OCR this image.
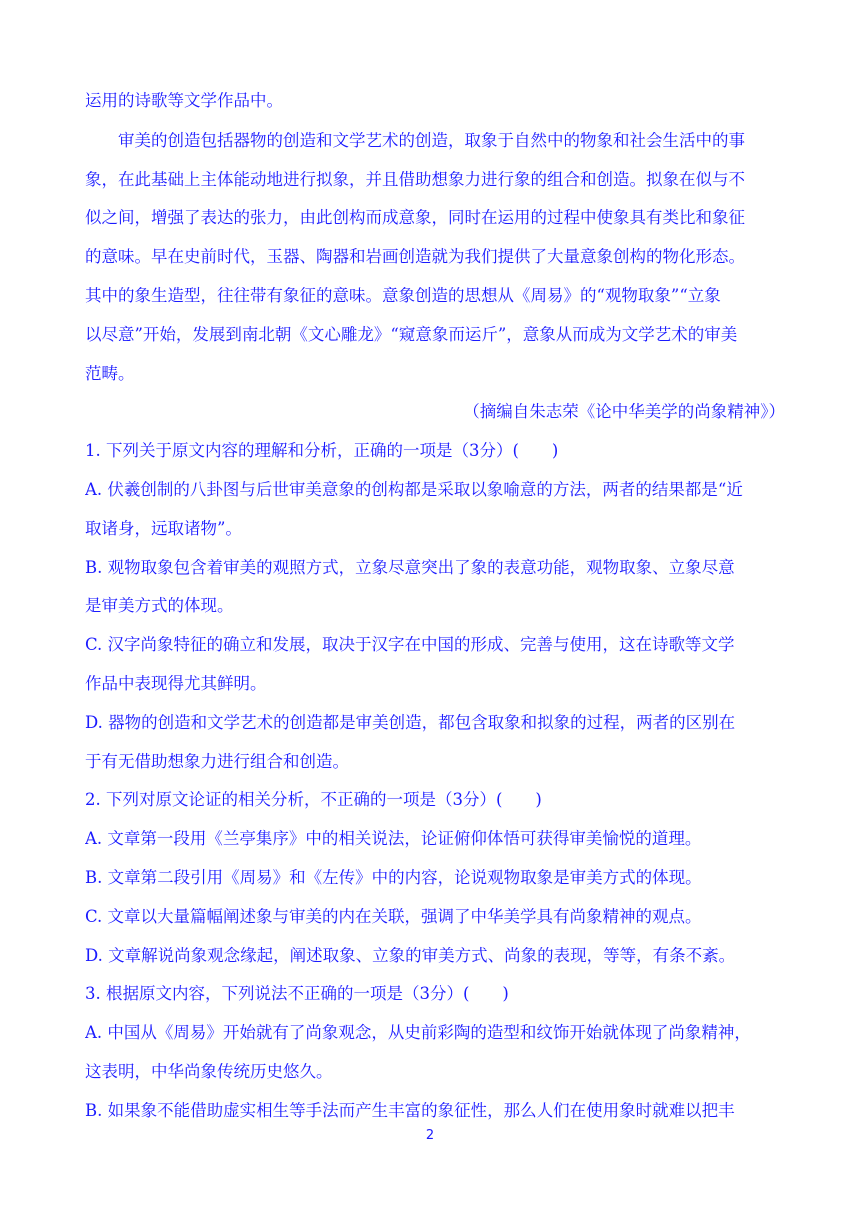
运用的诗歌等文学作品中。
审美的创造包括器物的创造和文学艺术的创造，取象于自然中的物象和社会生活中的事
象，在此基础上主体能动地进行拟象，并且借助想象力进行象的组合和创造。拟象在似与不
似之间，增强了表达的张力，由此创构而成意象，同时在运用的过程中使象具有类比和象征
的意味。早在史前时代，玉器、陶器和岩画创造就为我们提供了大量意象创构的物化形态。
其中的象生造型，往往带有象征的意味。意象创造的思想从《周易》的“观物取象”“立象
以尽意”开始，发展到南北朝《文心雕龙》“窥意象而运斤”，意象从而成为文学艺术的审美
范畴。
（摘编自朱志荣《论中华美学的尚象精神》）
1. 下列关于原文内容的理解和分析，正确的一项是（3分）(　　)
A. 伏羲创制的八卦图与后世审美意象的创构都是采取以象喻意的方法，两者的结果都是“近
取诸身，远取诸物”。
B. 观物取象包含着审美的观照方式，立象尽意突出了象的表意功能，观物取象、立象尽意
是审美方式的体现。
C. 汉字尚象特征的确立和发展，取决于汉字在中国的形成、完善与使用，这在诗歌等文学
作品中表现得尤其鲜明。
D. 器物的创造和文学艺术的创造都是审美创造，都包含取象和拟象的过程，两者的区别在
于有无借助想象力进行组合和创造。
2. 下列对原文论证的相关分析，不正确的一项是（3分）(　　)
A. 文章第一段用《兰亭集序》中的相关说法，论证俯仰体悟可获得审美愉悦的道理。
B. 文章第二段引用《周易》和《左传》中的内容，论说观物取象是审美方式的体现。
C. 文章以大量篇幅阐述象与审美的内在关联，强调了中华美学具有尚象精神的观点。
D. 文章解说尚象观念缘起，阐述取象、立象的审美方式、尚象的表现，等等，有条不紊。
3. 根据原文内容，下列说法不正确的一项是（3分）(　　)
A. 中国从《周易》开始就有了尚象观念，从史前彩陶的造型和纹饰开始就体现了尚象精神，
这表明，中华尚象传统历史悠久。
B. 如果象不能借助虚实相生等手法而产生丰富的象征性，那么人们在使用象时就难以把丰
2
